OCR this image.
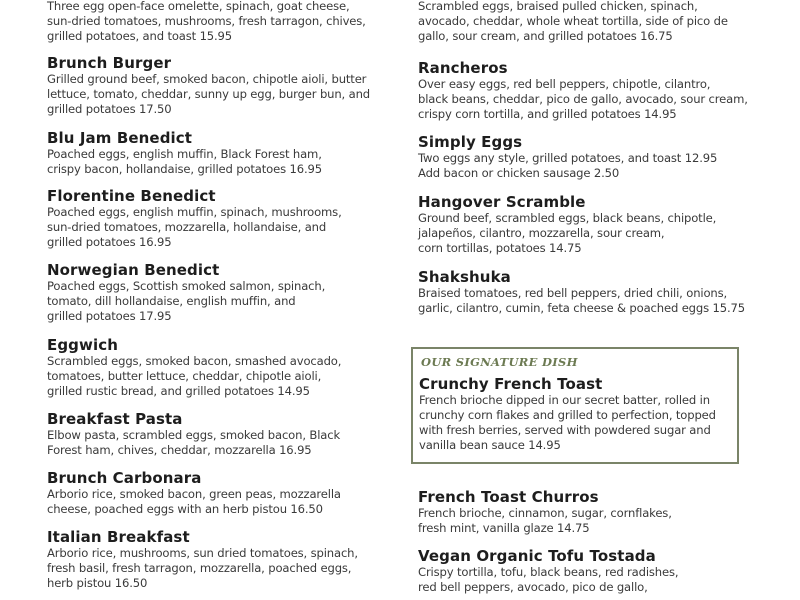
Three egg open-face omelette, spinach, goat cheese,
sun-dried tomatoes, mushrooms, fresh tarragon, chives,
grilled potatoes, and toast 15.95
Brunch Burger
Grilled ground beef, smoked bacon, chipotle aioli, butter
lettuce, tomato, cheddar, sunny up egg, burger bun, and
grilled potatoes 17.50
Blu Jam Benedict
Poached eggs, english muffin, Black Forest ham,
crispy bacon, hollandaise, grilled potatoes 16.95
Florentine Benedict
Poached eggs, english muffin, spinach, mushrooms,
sun-dried tomatoes, mozzarella, hollandaise, and
grilled potatoes 16.95
Norwegian Benedict
Poached eggs, Scottish smoked salmon, spinach,
tomato, dill hollandaise, english muffin, and
grilled potatoes 17.95
Eggwich
Scrambled eggs, smoked bacon, smashed avocado,
tomatoes, butter lettuce, cheddar, chipotle aioli,
grilled rustic bread, and grilled potatoes 14.95
Breakfast Pasta
Elbow pasta, scrambled eggs, smoked bacon, Black
Forest ham, chives, cheddar, mozzarella 16.95
Brunch Carbonara
Arborio rice, smoked bacon, green peas, mozzarella
cheese, poached eggs with an herb pistou 16.50
Italian Breakfast
Arborio rice, mushrooms, sun dried tomatoes, spinach,
fresh basil, fresh tarragon, mozzarella, poached eggs,
herb pistou 16.50
Scrambled eggs, braised pulled chicken, spinach,
avocado, cheddar, whole wheat tortilla, side of pico de
gallo, sour cream, and grilled potatoes 16.75
Rancheros
Over easy eggs, red bell peppers, chipotle, cilantro,
black beans, cheddar, pico de gallo, avocado, sour cream,
crispy corn tortilla, and grilled potatoes 14.95
Simply Eggs
Two eggs any style, grilled potatoes, and toast 12.95
Add bacon or chicken sausage 2.50
Hangover Scramble
Ground beef, scrambled eggs, black beans, chipotle,
jalapeños, cilantro, mozzarella, sour cream,
corn tortillas, potatoes 14.75
Shakshuka
Braised tomatoes, red bell peppers, dried chili, onions,
garlic, cilantro, cumin, feta cheese & poached eggs 15.75
French Toast Churros
French brioche, cinnamon, sugar, cornflakes,
fresh mint, vanilla glaze 14.75
Vegan Organic Tofu Tostada
Crispy tortilla, tofu, black beans, red radishes,
red bell peppers, avocado, pico de gallo,
OUR SIGNATURE DISH
Crunchy French Toast
French brioche dipped in our secret batter, rolled in
crunchy corn flakes and grilled to perfection, topped
with fresh berries, served with powdered sugar and
vanilla bean sauce 14.95
